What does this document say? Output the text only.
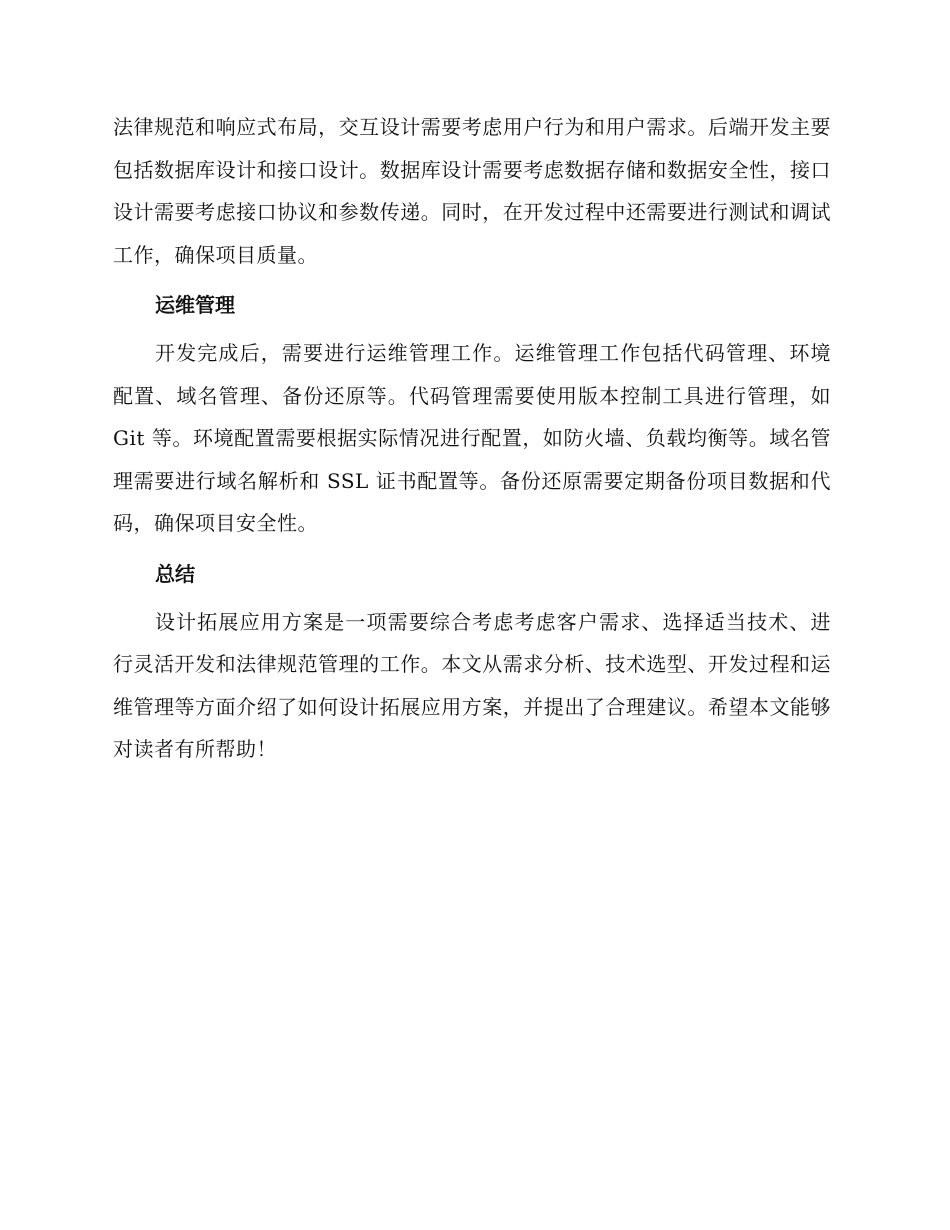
法律规范和响应式布局，交互设计需要考虑用户行为和用户需求。后端开发主要包括数据库设计和接口设计。数据库设计需要考虑数据存储和数据安全性，接口设计需要考虑接口协议和参数传递。同时，在开发过程中还需要进行测试和调试工作，确保项目质量。

运维管理

开发完成后，需要进行运维管理工作。运维管理工作包括代码管理、环境配置、域名管理、备份还原等。代码管理需要使用版本控制工具进行管理，如 Git 等。环境配置需要根据实际情况进行配置，如防火墙、负载均衡等。域名管理需要进行域名解析和 SSL 证书配置等。备份还原需要定期备份项目数据和代码，确保项目安全性。

总结

设计拓展应用方案是一项需要综合考虑考虑客户需求、选择适当技术、进行灵活开发和法律规范管理的工作。本文从需求分析、技术选型、开发过程和运维管理等方面介绍了如何设计拓展应用方案，并提出了合理建议。希望本文能够对读者有所帮助！
